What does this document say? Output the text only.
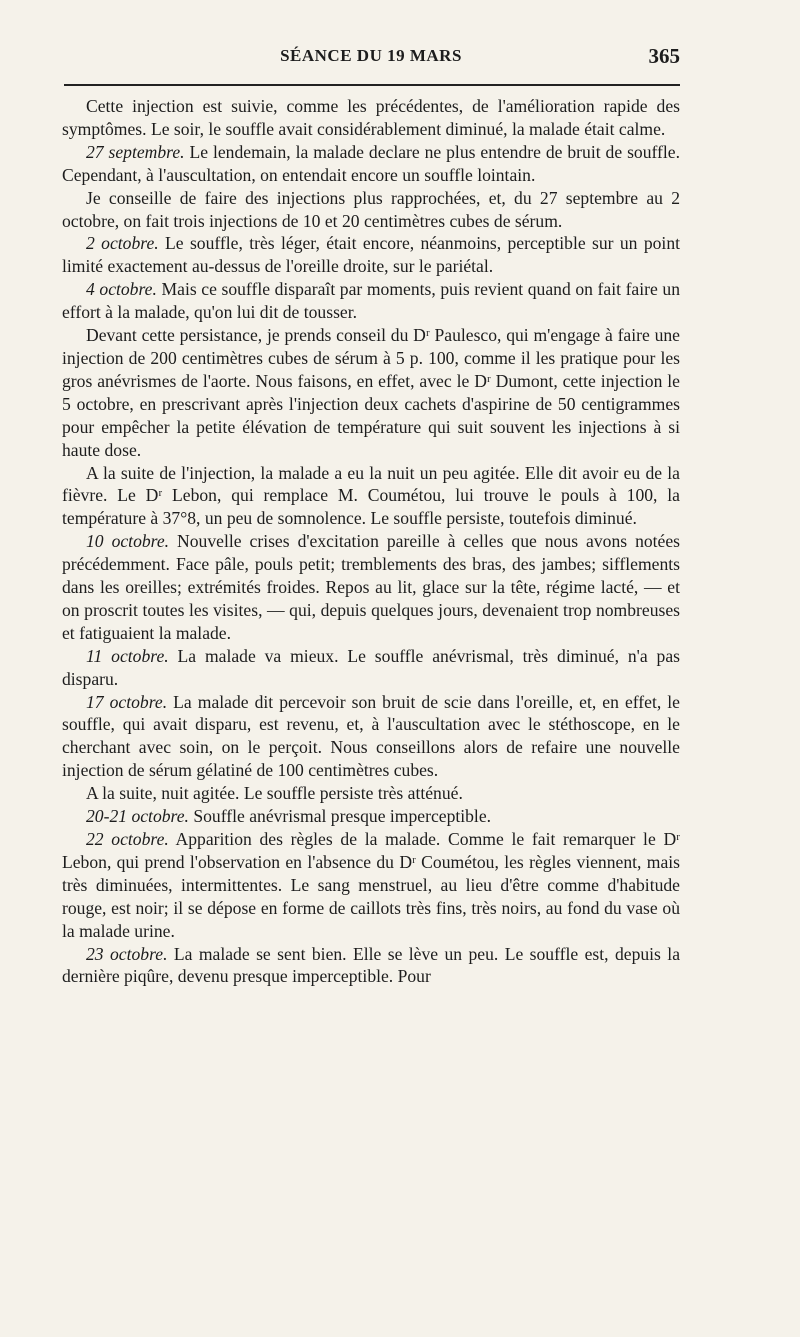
SÉANCE DU 19 MARS	365

Cette injection est suivie, comme les précédentes, de l'amélioration rapide des symptômes. Le soir, le souffle avait considérablement diminué, la malade était calme.

27 septembre. Le lendemain, la malade declare ne plus entendre de bruit de souffle. Cependant, à l'auscultation, on entendait encore un souffle lointain.

Je conseille de faire des injections plus rapprochées, et, du 27 septembre au 2 octobre, on fait trois injections de 10 et 20 centimètres cubes de sérum.

2 octobre. Le souffle, très léger, était encore, néanmoins, perceptible sur un point limité exactement au-dessus de l'oreille droite, sur le pariétal.

4 octobre. Mais ce souffle disparaît par moments, puis revient quand on fait faire un effort à la malade, qu'on lui dit de tousser.

Devant cette persistance, je prends conseil du Dʳ Paulesco, qui m'engage à faire une injection de 200 centimètres cubes de sérum à 5 p. 100, comme il les pratique pour les gros anévrismes de l'aorte. Nous faisons, en effet, avec le Dʳ Dumont, cette injection le 5 octobre, en prescrivant après l'injection deux cachets d'aspirine de 50 centigrammes pour empêcher la petite élévation de température qui suit souvent les injections à si haute dose.

A la suite de l'injection, la malade a eu la nuit un peu agitée. Elle dit avoir eu de la fièvre. Le Dʳ Lebon, qui remplace M. Coumétou, lui trouve le pouls à 100, la température à 37°8, un peu de somnolence. Le souffle persiste, toutefois diminué.

10 octobre. Nouvelle crises d'excitation pareille à celles que nous avons notées précédemment. Face pâle, pouls petit; tremblements des bras, des jambes; sifflements dans les oreilles; extrémités froides. Repos au lit, glace sur la tête, régime lacté, — et on proscrit toutes les visites, — qui, depuis quelques jours, devenaient trop nombreuses et fatiguaient la malade.

11 octobre. La malade va mieux. Le souffle anévrismal, très diminué, n'a pas disparu.

17 octobre. La malade dit percevoir son bruit de scie dans l'oreille, et, en effet, le souffle, qui avait disparu, est revenu, et, à l'auscultation avec le stéthoscope, en le cherchant avec soin, on le perçoit. Nous conseillons alors de refaire une nouvelle injection de sérum gélatiné de 100 centimètres cubes.

A la suite, nuit agitée. Le souffle persiste très atténué.

20-21 octobre. Souffle anévrismal presque imperceptible.

22 octobre. Apparition des règles de la malade. Comme le fait remarquer le Dʳ Lebon, qui prend l'observation en l'absence du Dʳ Coumétou, les règles viennent, mais très diminuées, intermittentes. Le sang menstruel, au lieu d'être comme d'habitude rouge, est noir; il se dépose en forme de caillots très fins, très noirs, au fond du vase où la malade urine.

23 octobre. La malade se sent bien. Elle se lève un peu. Le souffle est, depuis la dernière piqûre, devenu presque imperceptible. Pour
